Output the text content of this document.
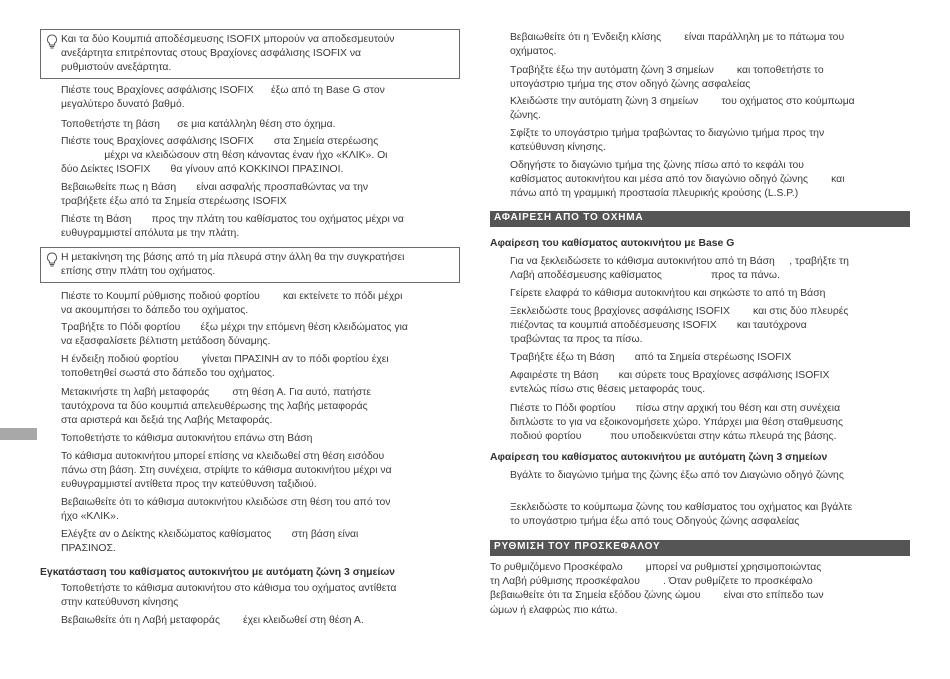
Και τα δύο Κουμπιά αποδέσμευσης ISOFIX μπορούν να αποδεσμευτούν
ανεξάρτητα επιτρέποντας στους Βραχίονες ασφάλισης ISOFIX να
ρυθμιστούν ανεξάρτητα.
Πιέστε τους Βραχίονες ασφάλισης ISOFIX      έξω από τη Base G στον
μεγαλύτερο δυνατό βαθμό.
Τοποθετήστε τη βάση      σε μια κατάλληλη θέση στο όχημα.
Πιέστε τους Βραχίονες ασφάλισης ISOFIX       στα Σημεία στερέωσης
μέχρι να κλειδώσουν στη θέση κάνοντας έναν ήχο «ΚΛΙΚ». Οι
δύο Δείκτες ISOFIX       θα γίνουν από ΚΟΚΚΙΝΟΙ ΠΡΑΣΙΝΟΙ.
Βεβαιωθείτε πως η Βάση       είναι ασφαλής προσπαθώντας να την
τραβήξετε έξω από τα Σημεία στερέωσης ISOFIX
Πιέστε τη Βάση       προς την πλάτη του καθίσματος του οχήματος μέχρι να
ευθυγραμμιστεί απόλυτα με την πλάτη.
Η μετακίνηση της βάσης από τη μία πλευρά στην άλλη θα την συγκρατήσει
επίσης στην πλάτη του οχήματος.
Πιέστε το Κουμπί ρύθμισης ποδιού φορτίου        και εκτείνετε το πόδι μέχρι
να ακουμπήσει το δάπεδο του οχήματος.
Τραβήξτε το Πόδι φορτίου       έξω μέχρι την επόμενη θέση κλειδώματος για
να εξασφαλίσετε βέλτιστη μετάδοση δύναμης.
Η ένδειξη ποδιού φορτίου        γίνεται ΠΡΑΣΙΝΗ αν το πόδι φορτίου έχει
τοποθετηθεί σωστά στο δάπεδο του οχήματος.
Μετακινήστε τη λαβή μεταφοράς        στη θέση Α. Για αυτό, πατήστε
ταυτόχρονα τα δύο κουμπιά απελευθέρωσης της λαβής μεταφοράς
στα αριστερά και δεξιά της Λαβής Μεταφοράς.
Τοποθετήστε το κάθισμα αυτοκινήτου επάνω στη Βάση
Το κάθισμα αυτοκινήτου μπορεί επίσης να κλειδωθεί στη θέση εισόδου
πάνω στη βάση. Στη συνέχεια, στρίψτε το κάθισμα αυτοκινήτου μέχρι να
ευθυγραμμιστεί αντίθετα προς την κατεύθυνση ταξιδιού.
Βεβαιωθείτε ότι το κάθισμα αυτοκινήτου κλειδώσε στη θέση του από τον
ήχο «ΚΛΙΚ».
Ελέγξτε αν ο Δείκτης κλειδώματος καθίσματος       στη βάση είναι
ΠΡΑΣΙΝΟΣ.
Εγκατάσταση του καθίσματος αυτοκινήτου με αυτόματη ζώνη 3 σημείων
Τοποθετήστε το κάθισμα αυτοκινήτου στο κάθισμα του οχήματος αντίθετα
στην κατεύθυνση κίνησης
Βεβαιωθείτε ότι η Λαβή μεταφοράς        έχει κλειδωθεί στη θέση Α.
Βεβαιωθείτε ότι η Ένδειξη κλίσης        είναι παράλληλη με το πάτωμα του
οχήματος.
Τραβήξτε έξω την αυτόματη ζώνη 3 σημείων        και τοποθετήστε το
υπογάστριο τμήμα της στον οδηγό ζώνης ασφαλείας
Κλειδώστε την αυτόματη ζώνη 3 σημείων        του οχήματος στο κούμπωμα
ζώνης.
Σφίξτε το υπογάστριο τμήμα τραβώντας το διαγώνιο τμήμα προς την
κατεύθυνση κίνησης.
Οδηγήστε το διαγώνιο τμήμα της ζώνης πίσω από το κεφάλι του
καθίσματος αυτοκινήτου και μέσα από τον διαγώνιο οδηγό ζώνης        και
πάνω από τη γραμμική προστασία πλευρικής κρούσης (L.S.P.)
ΑΦΑΙΡΕΣΗ ΑΠΟ ΤΟ ΟΧΗΜΑ
Αφαίρεση του καθίσματος αυτοκινήτου με Base G
Για να ξεκλειδώσετε το κάθισμα αυτοκινήτου από τη Βάση     , τραβήξτε τη
Λαβή αποδέσμευσης καθίσματος                 προς τα πάνω.
Γείρετε ελαφρά το κάθισμα αυτοκινήτου και σηκώστε το από τη Βάση
Ξεκλειδώστε τους βραχίονες ασφάλισης ISOFIX        και στις δύο πλευρές
πιέζοντας τα κουμπιά αποδέσμευσης ISOFIX       και ταυτόχρονα
τραβώντας τα προς τα πίσω.
Τραβήξτε έξω τη Βάση       από τα Σημεία στερέωσης ISOFIX
Αφαιρέστε τη Βάση       και σύρετε τους Βραχίονες ασφάλισης ISOFIX
εντελώς πίσω στις θέσεις μεταφοράς τους.
Πιέστε το Πόδι φορτίου       πίσω στην αρχική του θέση και στη συνέχεια
διπλώστε το για να εξοικονομήσετε χώρο. Υπάρχει μια θέση σταθμευσης
ποδιού φορτίου          που υποδεικνύεται στην κάτω πλευρά της βάσης.
Αφαίρεση του καθίσματος αυτοκινήτου με αυτόματη ζώνη 3 σημείων
Βγάλτε το διαγώνιο τμήμα της ζώνης έξω από τον Διαγώνιο οδηγό ζώνης
Ξεκλειδώστε το κούμπωμα ζώνης του καθίσματος του οχήματος και βγάλτε
το υπογάστριο τμήμα έξω από τους Οδηγούς ζώνης ασφαλείας
ΡΥΘΜΙΣΗ ΤΟΥ ΠΡΟΣΚΕΦΑΛΟΥ
Το ρυθμιζόμενο Προσκέφαλο        μπορεί να ρυθμιστεί χρησιμοποιώντας
τη Λαβή ρύθμισης προσκέφαλου        . Όταν ρυθμίζετε το προσκέφαλο
βεβαιωθείτε ότι τα Σημεία εξόδου ζώνης ώμου        είναι στο επίπεδο των
ώμων ή ελαφρώς πιο κάτω.
